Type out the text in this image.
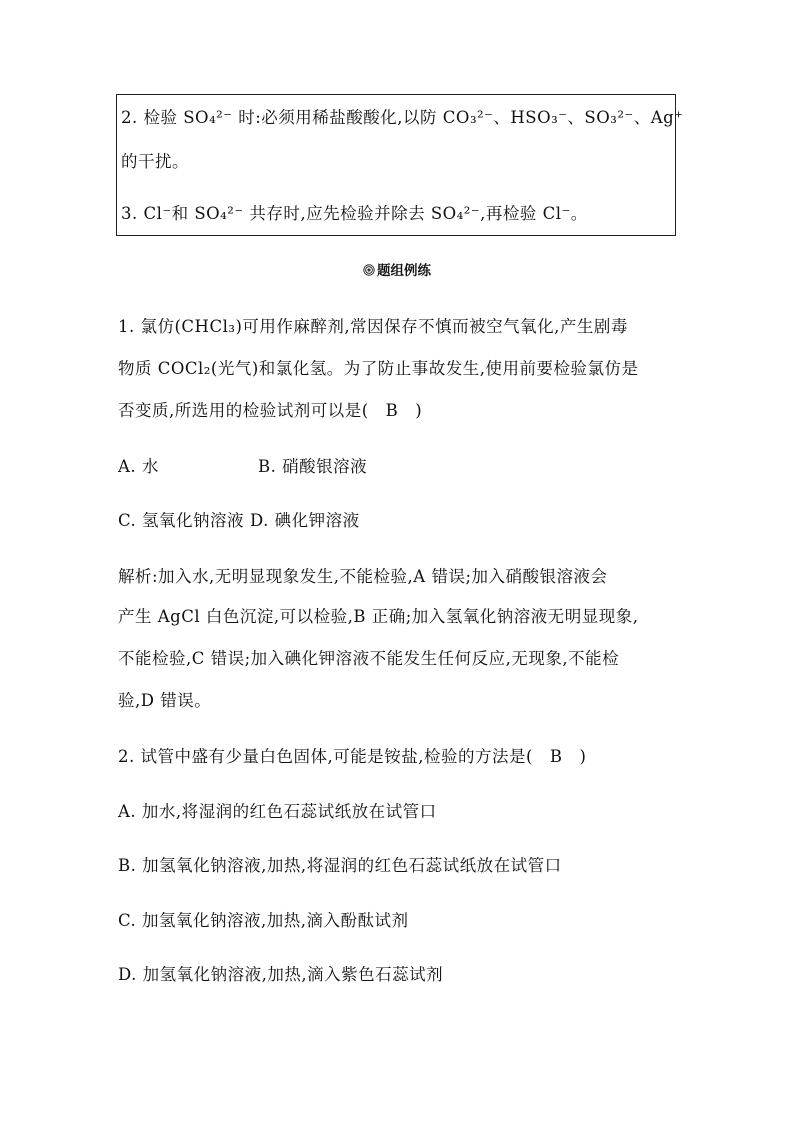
2. 检验 SO₄²⁻ 时:必须用稀盐酸酸化,以防 CO₃²⁻、HSO₃⁻、SO₃²⁻、Ag⁺
的干扰。
3. Cl⁻和 SO₄²⁻ 共存时,应先检验并除去 SO₄²⁻,再检验 Cl⁻。
题组例练
1. 氯仿(CHCl₃)可用作麻醉剂,常因保存不慎而被空气氧化,产生剧毒
物质 COCl₂(光气)和氯化氢。为了防止事故发生,使用前要检验氯仿是
否变质,所选用的检验试剂可以是(　B　)
A. 水	B. 硝酸银溶液
C. 氢氧化钠溶液 D. 碘化钾溶液
解析:加入水,无明显现象发生,不能检验,A 错误;加入硝酸银溶液会
产生 AgCl 白色沉淀,可以检验,B 正确;加入氢氧化钠溶液无明显现象,
不能检验,C 错误;加入碘化钾溶液不能发生任何反应,无现象,不能检
验,D 错误。
2. 试管中盛有少量白色固体,可能是铵盐,检验的方法是(　B　)
A. 加水,将湿润的红色石蕊试纸放在试管口
B. 加氢氧化钠溶液,加热,将湿润的红色石蕊试纸放在试管口
C. 加氢氧化钠溶液,加热,滴入酚酞试剂
D. 加氢氧化钠溶液,加热,滴入紫色石蕊试剂
